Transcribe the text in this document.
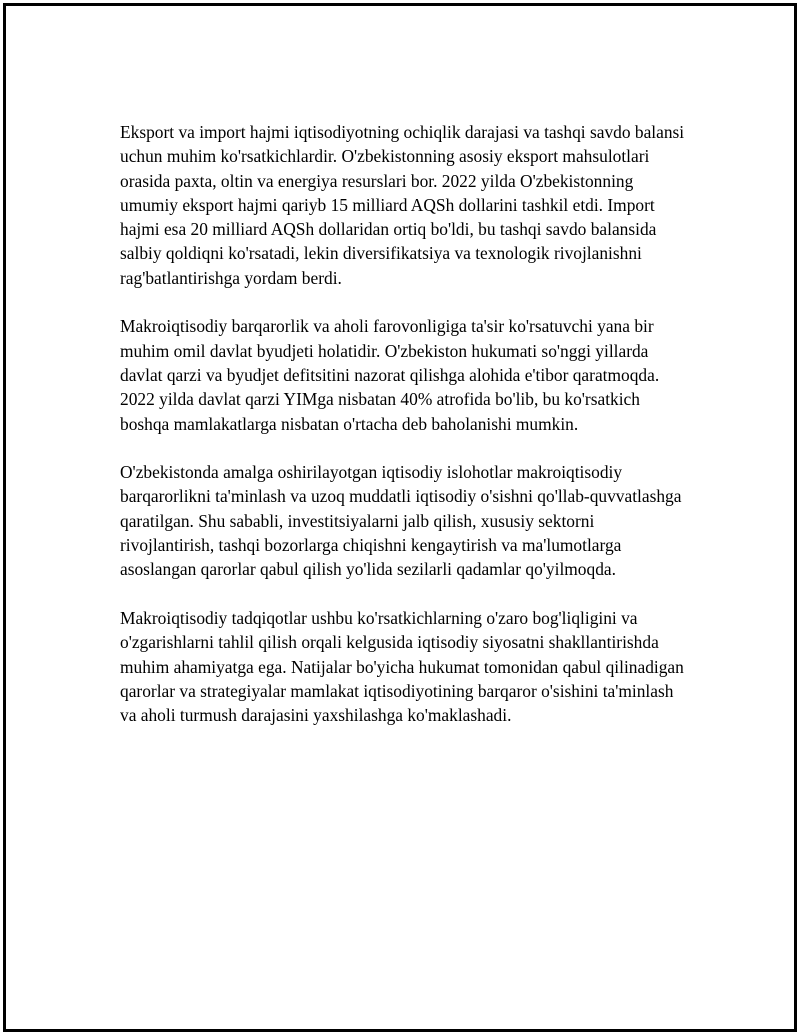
Eksport va import hajmi iqtisodiyotning ochiqlik darajasi va tashqi savdo balansi uchun muhim ko'rsatkichlardir. O'zbekistonning asosiy eksport mahsulotlari orasida paxta, oltin va energiya resurslari bor. 2022 yilda O'zbekistonning umumiy eksport hajmi qariyb 15 milliard AQSh dollarini tashkil etdi. Import hajmi esa 20 milliard AQSh dollaridan ortiq bo'ldi, bu tashqi savdo balansida salbiy qoldiqni ko'rsatadi, lekin diversifikatsiya va texnologik rivojlanishni rag'batlantirishga yordam berdi.

Makroiqtisodiy barqarorlik va aholi farovonligiga ta'sir ko'rsatuvchi yana bir muhim omil davlat byudjeti holatidir. O'zbekiston hukumati so'nggi yillarda davlat qarzi va byudjet defitsitini nazorat qilishga alohida e'tibor qaratmoqda. 2022 yilda davlat qarzi YIMga nisbatan 40% atrofida bo'lib, bu ko'rsatkich boshqa mamlakatlarga nisbatan o'rtacha deb baholanishi mumkin.

O'zbekistonda amalga oshirilayotgan iqtisodiy islohotlar makroiqtisodiy barqarorlikni ta'minlash va uzoq muddatli iqtisodiy o'sishni qo'llab-quvvatlashga qaratilgan. Shu sababli, investitsiyalarni jalb qilish, xususiy sektorni rivojlantirish, tashqi bozorlarga chiqishni kengaytirish va ma'lumotlarga asoslangan qarorlar qabul qilish yo'lida sezilarli qadamlar qo'yilmoqda.

Makroiqtisodiy tadqiqotlar ushbu ko'rsatkichlarning o'zaro bog'liqligini va o'zgarishlarni tahlil qilish orqali kelgusida iqtisodiy siyosatni shakllantirishda muhim ahamiyatga ega. Natijalar bo'yicha hukumat tomonidan qabul qilinadigan qarorlar va strategiyalar mamlakat iqtisodiyotining barqaror o'sishini ta'minlash va aholi turmush darajasini yaxshilashga ko'maklashadi.
